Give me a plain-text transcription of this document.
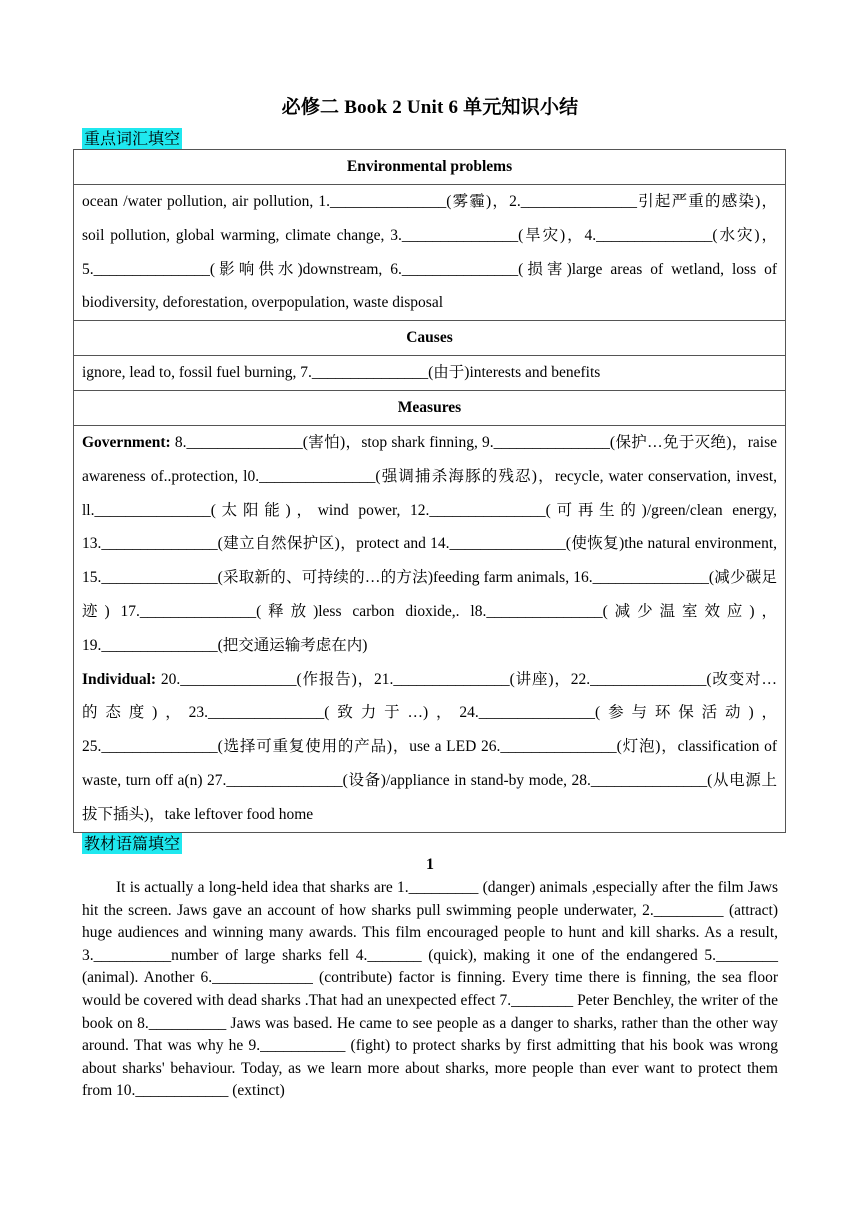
必修二 Book 2 Unit 6 单元知识小结
重点词汇填空
Environmental problems
ocean /water pollution, air pollution, 1._______________(雾霾)，2._______________引起严重的感染)， soil pollution, global warming, climate change, 3._______________(旱灾)，4._______________(水灾)，5._______________(影响供水)downstream, 6._______________(损害)large areas of wetland, loss of biodiversity, deforestation, overpopulation, waste disposal
Causes
ignore, lead to, fossil fuel burning, 7._______________(由于)interests and benefits
Measures
Government: 8._______________(害怕)，stop shark finning, 9._______________(保护…免于灭绝)，raise awareness of..protection, l0._______________(强调捕杀海豚的残忍)，recycle, water conservation, invest, ll._______________(太阳能)，wind power, 12._______________(可再生的)/green/clean energy, 13._______________(建立自然保护区)，protect and 14._______________(使恢复)the natural environment, 15._______________(采取新的、可持续的…的方法)feeding farm animals, 16._______________(减少碳足迹) 17._______________(释放)less carbon dioxide,. l8._______________(减少温室效应)，19._______________(把交通运输考虑在内)
Individual: 20._______________(作报告)，21._______________(讲座)，22._______________(改变对…的态度)，23._______________(致力于…)，24._______________(参与环保活动)，25._______________(选择可重复使用的产品)，use a LED 26._______________(灯泡)，classification of waste, turn off a(n) 27._______________(设备)/appliance in stand-by mode, 28._______________(从电源上拔下插头)，take leftover food home
教材语篇填空
1

It is actually a long-held idea that sharks are 1._________ (danger) animals ,especially after the film Jaws hit the screen. Jaws gave an account of how sharks pull swimming people underwater, 2._________ (attract) huge audiences and winning many awards. This film encouraged people to hunt and kill sharks. As a result, 3.__________number of large sharks fell 4._______ (quick), making it one of the endangered 5.________ (animal). Another 6._____________ (contribute) factor is finning. Every time there is finning, the sea floor would be covered with dead sharks .That had an unexpected effect 7.________ Peter Benchley, the writer of the book on 8.__________ Jaws was based. He came to see people as a danger to sharks, rather than the other way around. That was why he 9.___________ (fight) to protect sharks by first admitting that his book was wrong about sharks' behaviour. Today, as we learn more about sharks, more people than ever want to protect them from 10.____________ (extinct)
